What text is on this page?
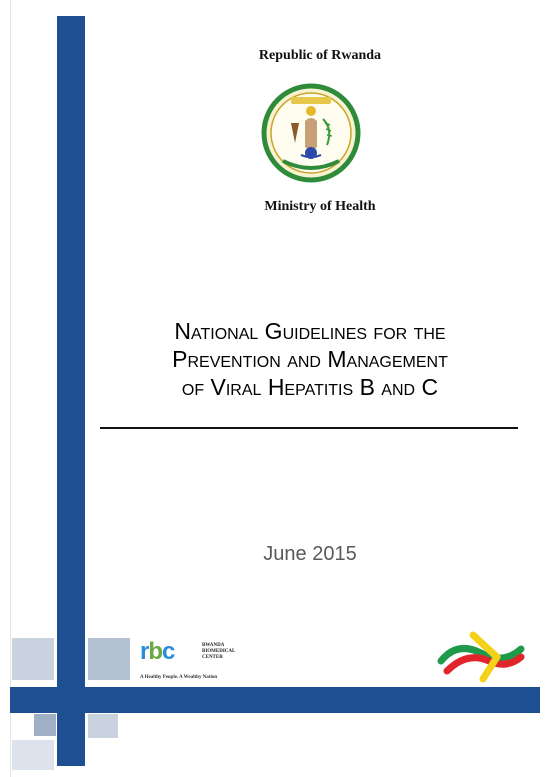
Republic of Rwanda

Ministry of Health

National Guidelines for the
Prevention and Management
of Viral Hepatitis B and C

June 2015

rbc	RWANDA
BIOMEDICAL
CENTER
A Healthy People. A Wealthy Nation
